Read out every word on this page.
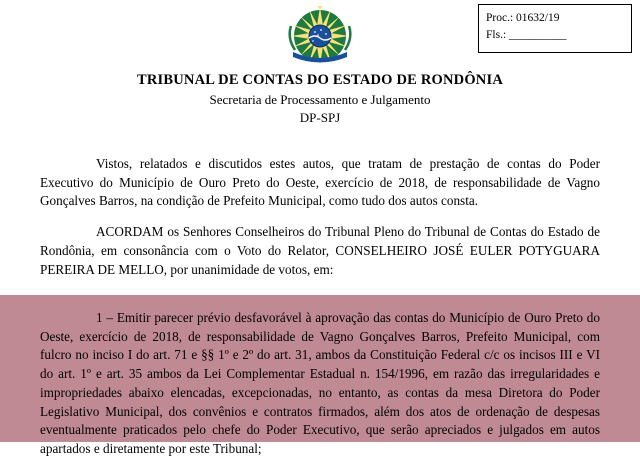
Proc.: 01632/19
Fls.: __________
TRIBUNAL DE CONTAS DO ESTADO DE RONDÔNIA
Secretaria de Processamento e Julgamento
DP-SPJ

Vistos, relatados e discutidos estes autos, que tratam de prestação de contas do Poder Executivo do Município de Ouro Preto do Oeste, exercício de 2018, de responsabilidade de Vagno Gonçalves Barros, na condição de Prefeito Municipal, como tudo dos autos consta.

ACORDAM os Senhores Conselheiros do Tribunal Pleno do Tribunal de Contas do Estado de Rondônia, em consonância com o Voto do Relator, CONSELHEIRO JOSÉ EULER POTYGUARA PEREIRA DE MELLO, por unanimidade de votos, em:

1 – Emitir parecer prévio desfavorável à aprovação das contas do Município de Ouro Preto do Oeste, exercício de 2018, de responsabilidade de Vagno Gonçalves Barros, Prefeito Municipal, com fulcro no inciso I do art. 71 e §§ 1º e 2º do art. 31, ambos da Constituição Federal c/c os incisos III e VI do art. 1º e art. 35 ambos da Lei Complementar Estadual n. 154/1996, em razão das irregularidades e impropriedades abaixo elencadas, excepcionadas, no entanto, as contas da mesa Diretora do Poder Legislativo Municipal, dos convênios e contratos firmados, além dos atos de ordenação de despesas eventualmente praticados pelo chefe do Poder Executivo, que serão apreciados e julgados em autos apartados e diretamente por este Tribunal;
